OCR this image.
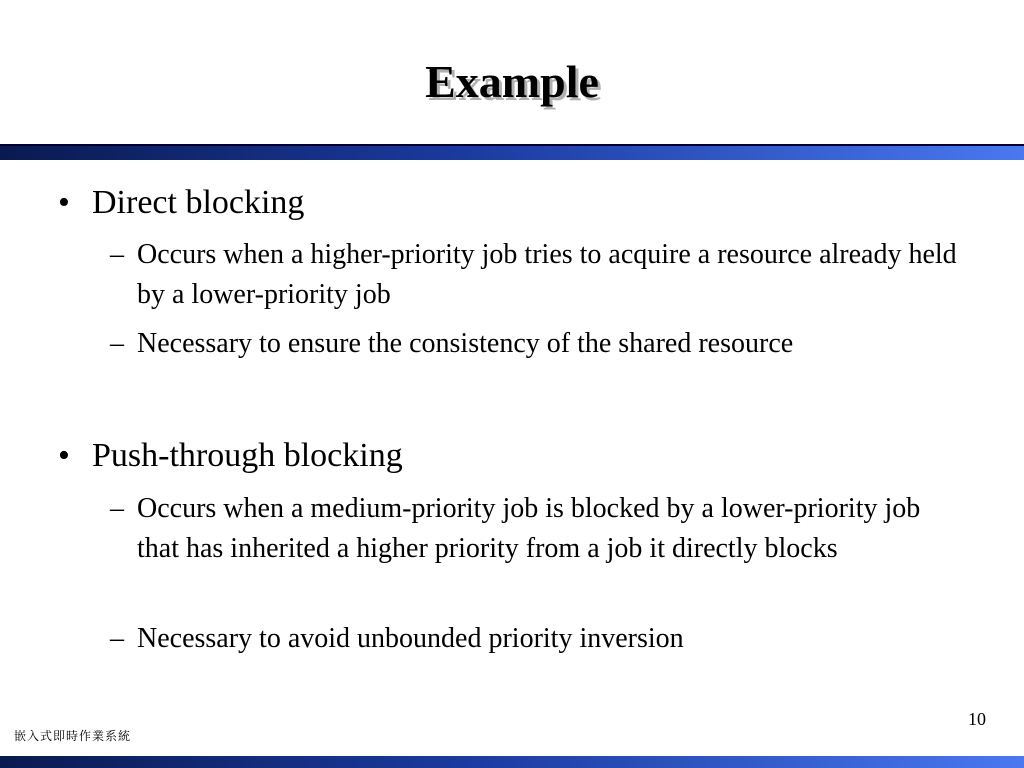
Example
• Direct blocking
– Occurs when a higher-priority job tries to acquire a resource already held by a lower-priority job
– Necessary to ensure the consistency of the shared resource
• Push-through blocking
– Occurs when a medium-priority job is blocked by a lower-priority job that has inherited a higher priority from a job it directly blocks
– Necessary to avoid unbounded priority inversion
10
嵌入式即時作業系統
